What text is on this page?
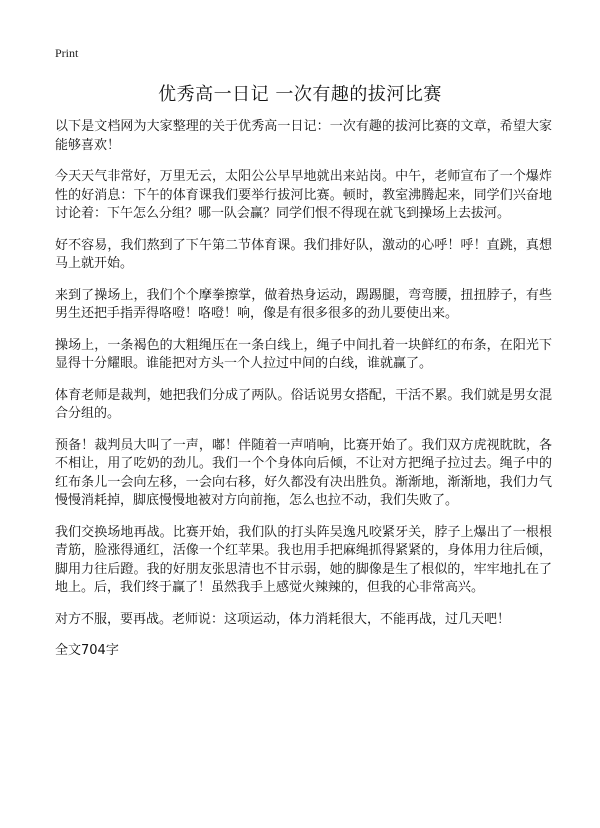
Print
优秀高一日记 一次有趣的拔河比赛

以下是文档网为大家整理的关于优秀高一日记：一次有趣的拔河比赛的文章，希望大家能够喜欢！

今天天气非常好，万里无云，太阳公公早早地就出来站岗。中午，老师宣布了一个爆炸性的好消息：下午的体育课我们要举行拔河比赛。顿时，教室沸腾起来，同学们兴奋地讨论着：下午怎么分组？哪一队会赢？同学们恨不得现在就飞到操场上去拔河。

好不容易，我们熬到了下午第二节体育课。我们排好队，激动的心呼！呼！直跳，真想马上就开始。

来到了操场上，我们个个摩拳擦掌，做着热身运动，踢踢腿，弯弯腰，扭扭脖子，有些男生还把手指弄得咯噔！咯噔！响，像是有很多很多的劲儿要使出来。

操场上，一条褐色的大粗绳压在一条白线上，绳子中间扎着一块鲜红的布条，在阳光下显得十分耀眼。谁能把对方头一个人拉过中间的白线，谁就赢了。

体育老师是裁判，她把我们分成了两队。俗话说男女搭配，干活不累。我们就是男女混合分组的。

预备！裁判员大叫了一声，嘟！伴随着一声哨响，比赛开始了。我们双方虎视眈眈，各不相让，用了吃奶的劲儿。我们一个个身体向后倾，不让对方把绳子拉过去。绳子中的红布条儿一会向左移，一会向右移，好久都没有决出胜负。渐渐地，渐渐地，我们力气慢慢消耗掉，脚底慢慢地被对方向前拖，怎么也拉不动，我们失败了。

我们交换场地再战。比赛开始，我们队的打头阵吴逸凡咬紧牙关，脖子上爆出了一根根青筋，脸涨得通红，活像一个红苹果。我也用手把麻绳抓得紧紧的，身体用力往后倾，脚用力往后蹬。我的好朋友张思清也不甘示弱，她的脚像是生了根似的，牢牢地扎在了地上。后，我们终于赢了！虽然我手上感觉火辣辣的，但我的心非常高兴。

对方不服，要再战。老师说：这项运动，体力消耗很大，不能再战，过几天吧！

全文704字
